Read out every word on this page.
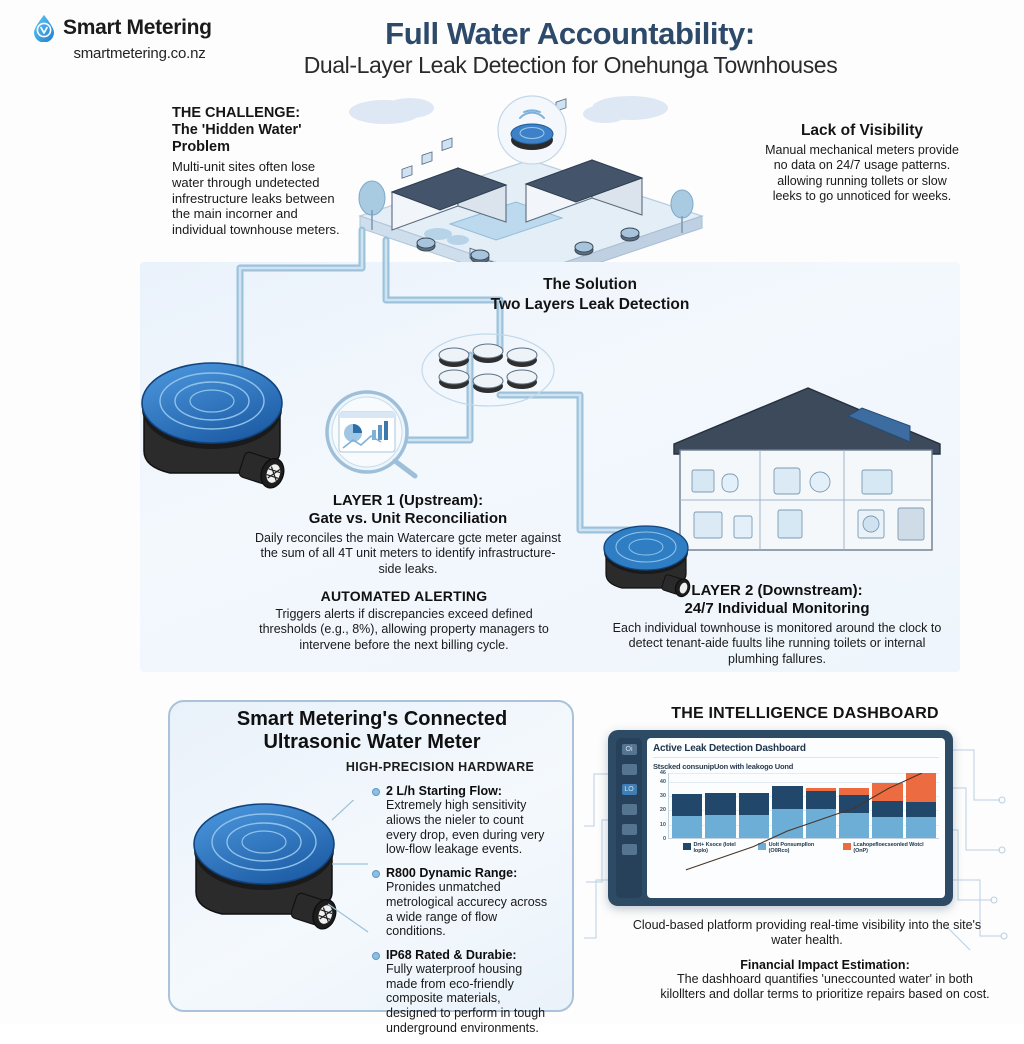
Smart Metering
smartmetering.co.nz
Full Water Accountability:
Dual-Layer Leak Detection for Onehunga Townhouses
THE CHALLENGE:
The 'Hidden Water'
Problem

Multi-unit sites often lose water through undetected infrestructure leaks between the main incorner and individual townhouse meters.

Lack of Visibility

Manual mechanical meters provide no data on 24/7 usage patterns. allowing running tollets or slow leeks to go unnoticed for weeks.

The Solution
Two Layers Leak Detection
LAYER 1 (Upstream):
Gate vs. Unit Reconciliation

Daily reconciles the main Watercare gcte meter against the sum of all 4T unit meters to identify infrastructure-side leaks.

AUTOMATED ALERTING

Triggers alerts if discrepancies exceed defined thresholds (e.g., 8%), allowing property managers to intervene before the next billing cycle.

LAYER 2 (Downstream):
24/7 Individual Monitoring

Each individual townhouse is monitored around the clock to detect tenant-aide fuults lihe running toilets or internal plumhing fallures.

Smart Metering's Connected
Ultrasonic Water Meter
HIGH-PRECISION HARDWARE
2 L/h Starting Flow:
Extremely high sensitivity aliows the nieler to count every drop, even during very low-flow leakage events.
R800 Dynamic Range:
Pronides unmatched metrological accurecy across a wide range of flow conditions.
IP68 Rated & Durabie:
Fully waterproof housing made from eco-friendly composite materials, designed to perform in tough underground environments.
THE INTELLIGENCE DASHBOARD
Oi
LO
Active Leak Detection Dashboard
Stscked consunipUon with leakogo Uond
0
10
20
30
40
46
Drt+ Ksoce (lotel loplo)
Uolt Ponsumpllon (O0Rco)
Lcahopefloecseonled Wotcl (OnP)
Cloud-based platform providing real-time visibility into the site's water health.
Financial Impact Estimation:

The dashhoard quantifies 'uneccounted water' in both kilollters and dollar terms to prioritize repairs based on cost.
